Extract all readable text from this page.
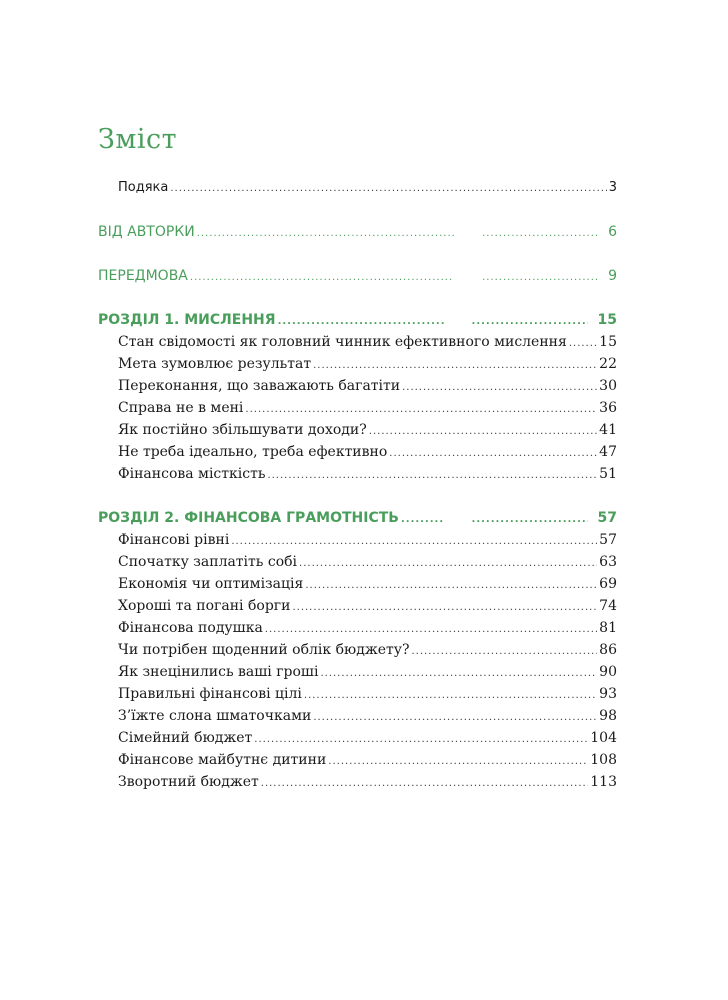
Зміст
Подяка .....	3
ВІД АВТОРКИ ..... .....	6
ПЕРЕДМОВА ..... .....	9
РОЗДІЛ 1. МИСЛЕННЯ ..... .....	15
Стан свідомості як головний чинник ефективного мислення ..... 15
Мета зумовлює результат .....	22
Переконання, що заважають багатіти .....	30
Справа не в мені .....	36
Як постійно збільшувати доходи? .....	41
Не треба ідеально, треба ефективно .....	47
Фінансова місткість .....	51
РОЗДІЛ 2. ФІНАНСОВА ГРАМОТНІСТЬ ..... .....	57
Фінансові рівні .....	57
Спочатку заплатіть собі .....	63
Економія чи оптимізація .....	69
Хороші та погані борги .....	74
Фінансова подушка .....	81
Чи потрібен щоденний облік бюджету? .....	86
Як знецінились ваші гроші .....	90
Правильні фінансові цілі .....	93
З’їжте слона шматочками .....	98
Сімейний бюджет .....	104
Фінансове майбутнє дитини .....	108
Зворотний бюджет .....	113
